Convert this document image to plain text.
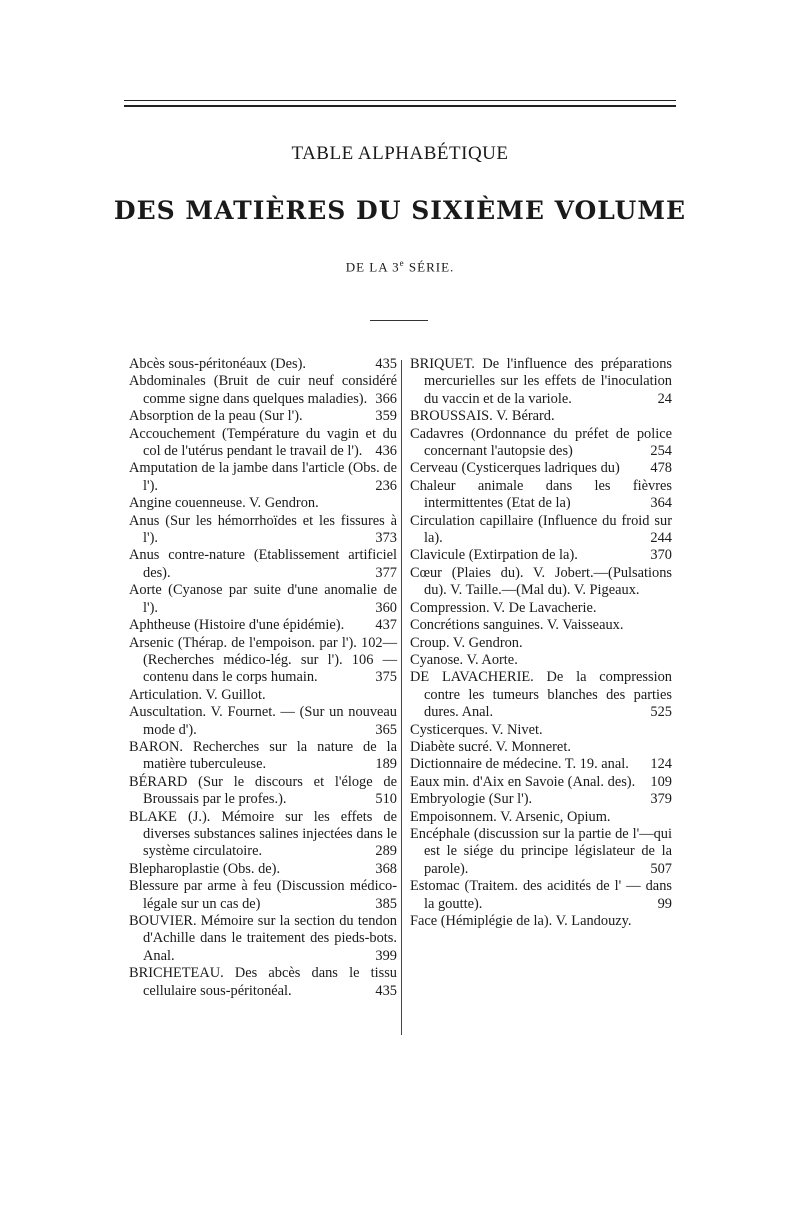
TABLE ALPHABÉTIQUE
DES MATIÈRES DU SIXIÈME VOLUME
DE LA 3e SÉRIE.

Abcès sous-péritonéaux (Des).	435

Abdominales (Bruit de cuir neuf considéré comme signe dans quelques maladies). 366

Absorption de la peau (Sur l').	359

Accouchement (Température du vagin et du col de l'utérus pendant le travail de l'). 436

Amputation de la jambe dans l'article (Obs. de l').	236

Angine couenneuse. V. Gendron.

Anus (Sur les hémorrhoïdes et les fissures à l').	373

Anus contre-nature (Etablissement artificiel des).	377

Aorte (Cyanose par suite d'une anomalie de l').	360

Aphtheuse (Histoire d'une épidémie). 437

Arsenic (Thérap. de l'empoison. par l'). 102—(Recherches médico-lég. sur l'). 106 — contenu dans le corps humain.	375

Articulation. V. Guillot.

Auscultation. V. Fournet. — (Sur un nouveau mode d').	365

BARON. Recherches sur la nature de la matière tuberculeuse.	189

BÉRARD (Sur le discours et l'éloge de Broussais par le profes.).	510

BLAKE (J.). Mémoire sur les effets de diverses substances salines injectées dans le système circulatoire.	289

Blepharoplastie (Obs. de).	368

Blessure par arme à feu (Discussion médico-légale sur un cas de)	385

BOUVIER. Mémoire sur la section du tendon d'Achille dans le traitement des pieds-bots. Anal.	399

BRICHETEAU. Des abcès dans le tissu cellulaire sous-péritonéal.	435

BRIQUET. De l'influence des préparations mercurielles sur les effets de l'inoculation du vaccin et de la variole.	24

BROUSSAIS. V. Bérard.

Cadavres (Ordonnance du préfet de police concernant l'autopsie des)	254

Cerveau (Cysticerques ladriques du) 478

Chaleur animale dans les fièvres intermittentes (Etat de la)	364

Circulation capillaire (Influence du froid sur la).	244

Clavicule (Extirpation de la).	370

Cœur (Plaies du). V. Jobert.—(Pulsations du). V. Taille.—(Mal du). V. Pigeaux.

Compression. V. De Lavacherie.

Concrétions sanguines. V. Vaisseaux.

Croup. V. Gendron.

Cyanose. V. Aorte.

DE LAVACHERIE. De la compression contre les tumeurs blanches des parties dures. Anal.	525

Cysticerques. V. Nivet.

Diabète sucré. V. Monneret.

Dictionnaire de médecine. T. 19. anal. 124

Eaux min. d'Aix en Savoie (Anal. des). 109

Embryologie (Sur l').	379

Empoisonnem. V. Arsenic, Opium.

Encéphale (discussion sur la partie de l'—qui est le siége du principe législateur de la parole).	507

Estomac (Traitem. des acidités de l' — dans la goutte).	99

Face (Hémiplégie de la). V. Landouzy.
